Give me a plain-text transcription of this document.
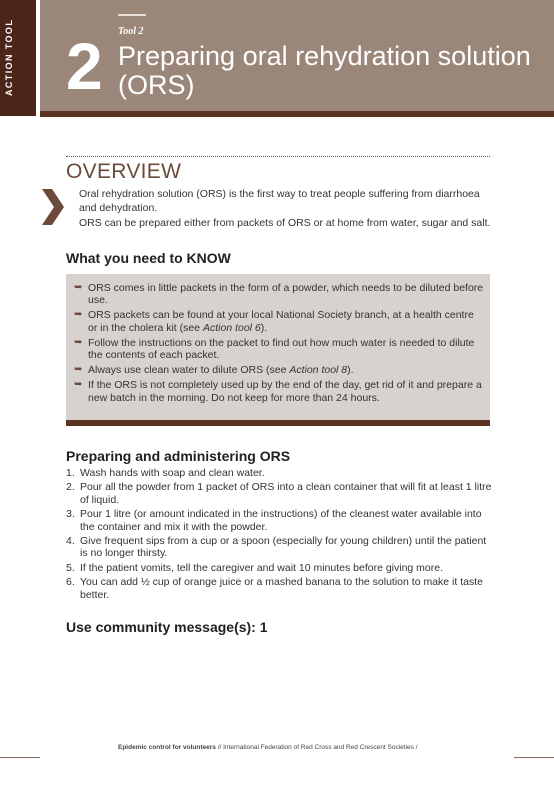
ACTION TOOL	Tool 2
2 Preparing oral rehydration solution (ORS)
OVERVIEW

Oral rehydration solution (ORS) is the first way to treat people suffering from diarrhoea and dehydration.

ORS can be prepared either from packets of ORS or at home from water, sugar and salt.

What you need to KNOW
➥ ORS comes in little packets in the form of a powder, which needs to be diluted before use.
➥ ORS packets can be found at your local National Society branch, at a health centre or in the cholera kit (see Action tool 6).
➥ Follow the instructions on the packet to find out how much water is needed to dilute the contents of each packet.
➥ Always use clean water to dilute ORS (see Action tool 8).
➥ If the ORS is not completely used up by the end of the day, get rid of it and prepare a new batch in the morning. Do not keep for more than 24 hours.
Preparing and administering ORS
1. Wash hands with soap and clean water.
2. Pour all the powder from 1 packet of ORS into a clean container that will fit at least 1 litre of liquid.
3. Pour 1 litre (or amount indicated in the instructions) of the cleanest water available into the container and mix it with the powder.
4. Give frequent sips from a cup or a spoon (especially for young children) until the patient is no longer thirsty.
5. If the patient vomits, tell the caregiver and wait 10 minutes before giving more.
6. You can add ½ cup of orange juice or a mashed banana to the solution to make it taste better.
Use community message(s): 1
Epidemic control for volunteers // International Federation of Red Cross and Red Crescent Societies /
